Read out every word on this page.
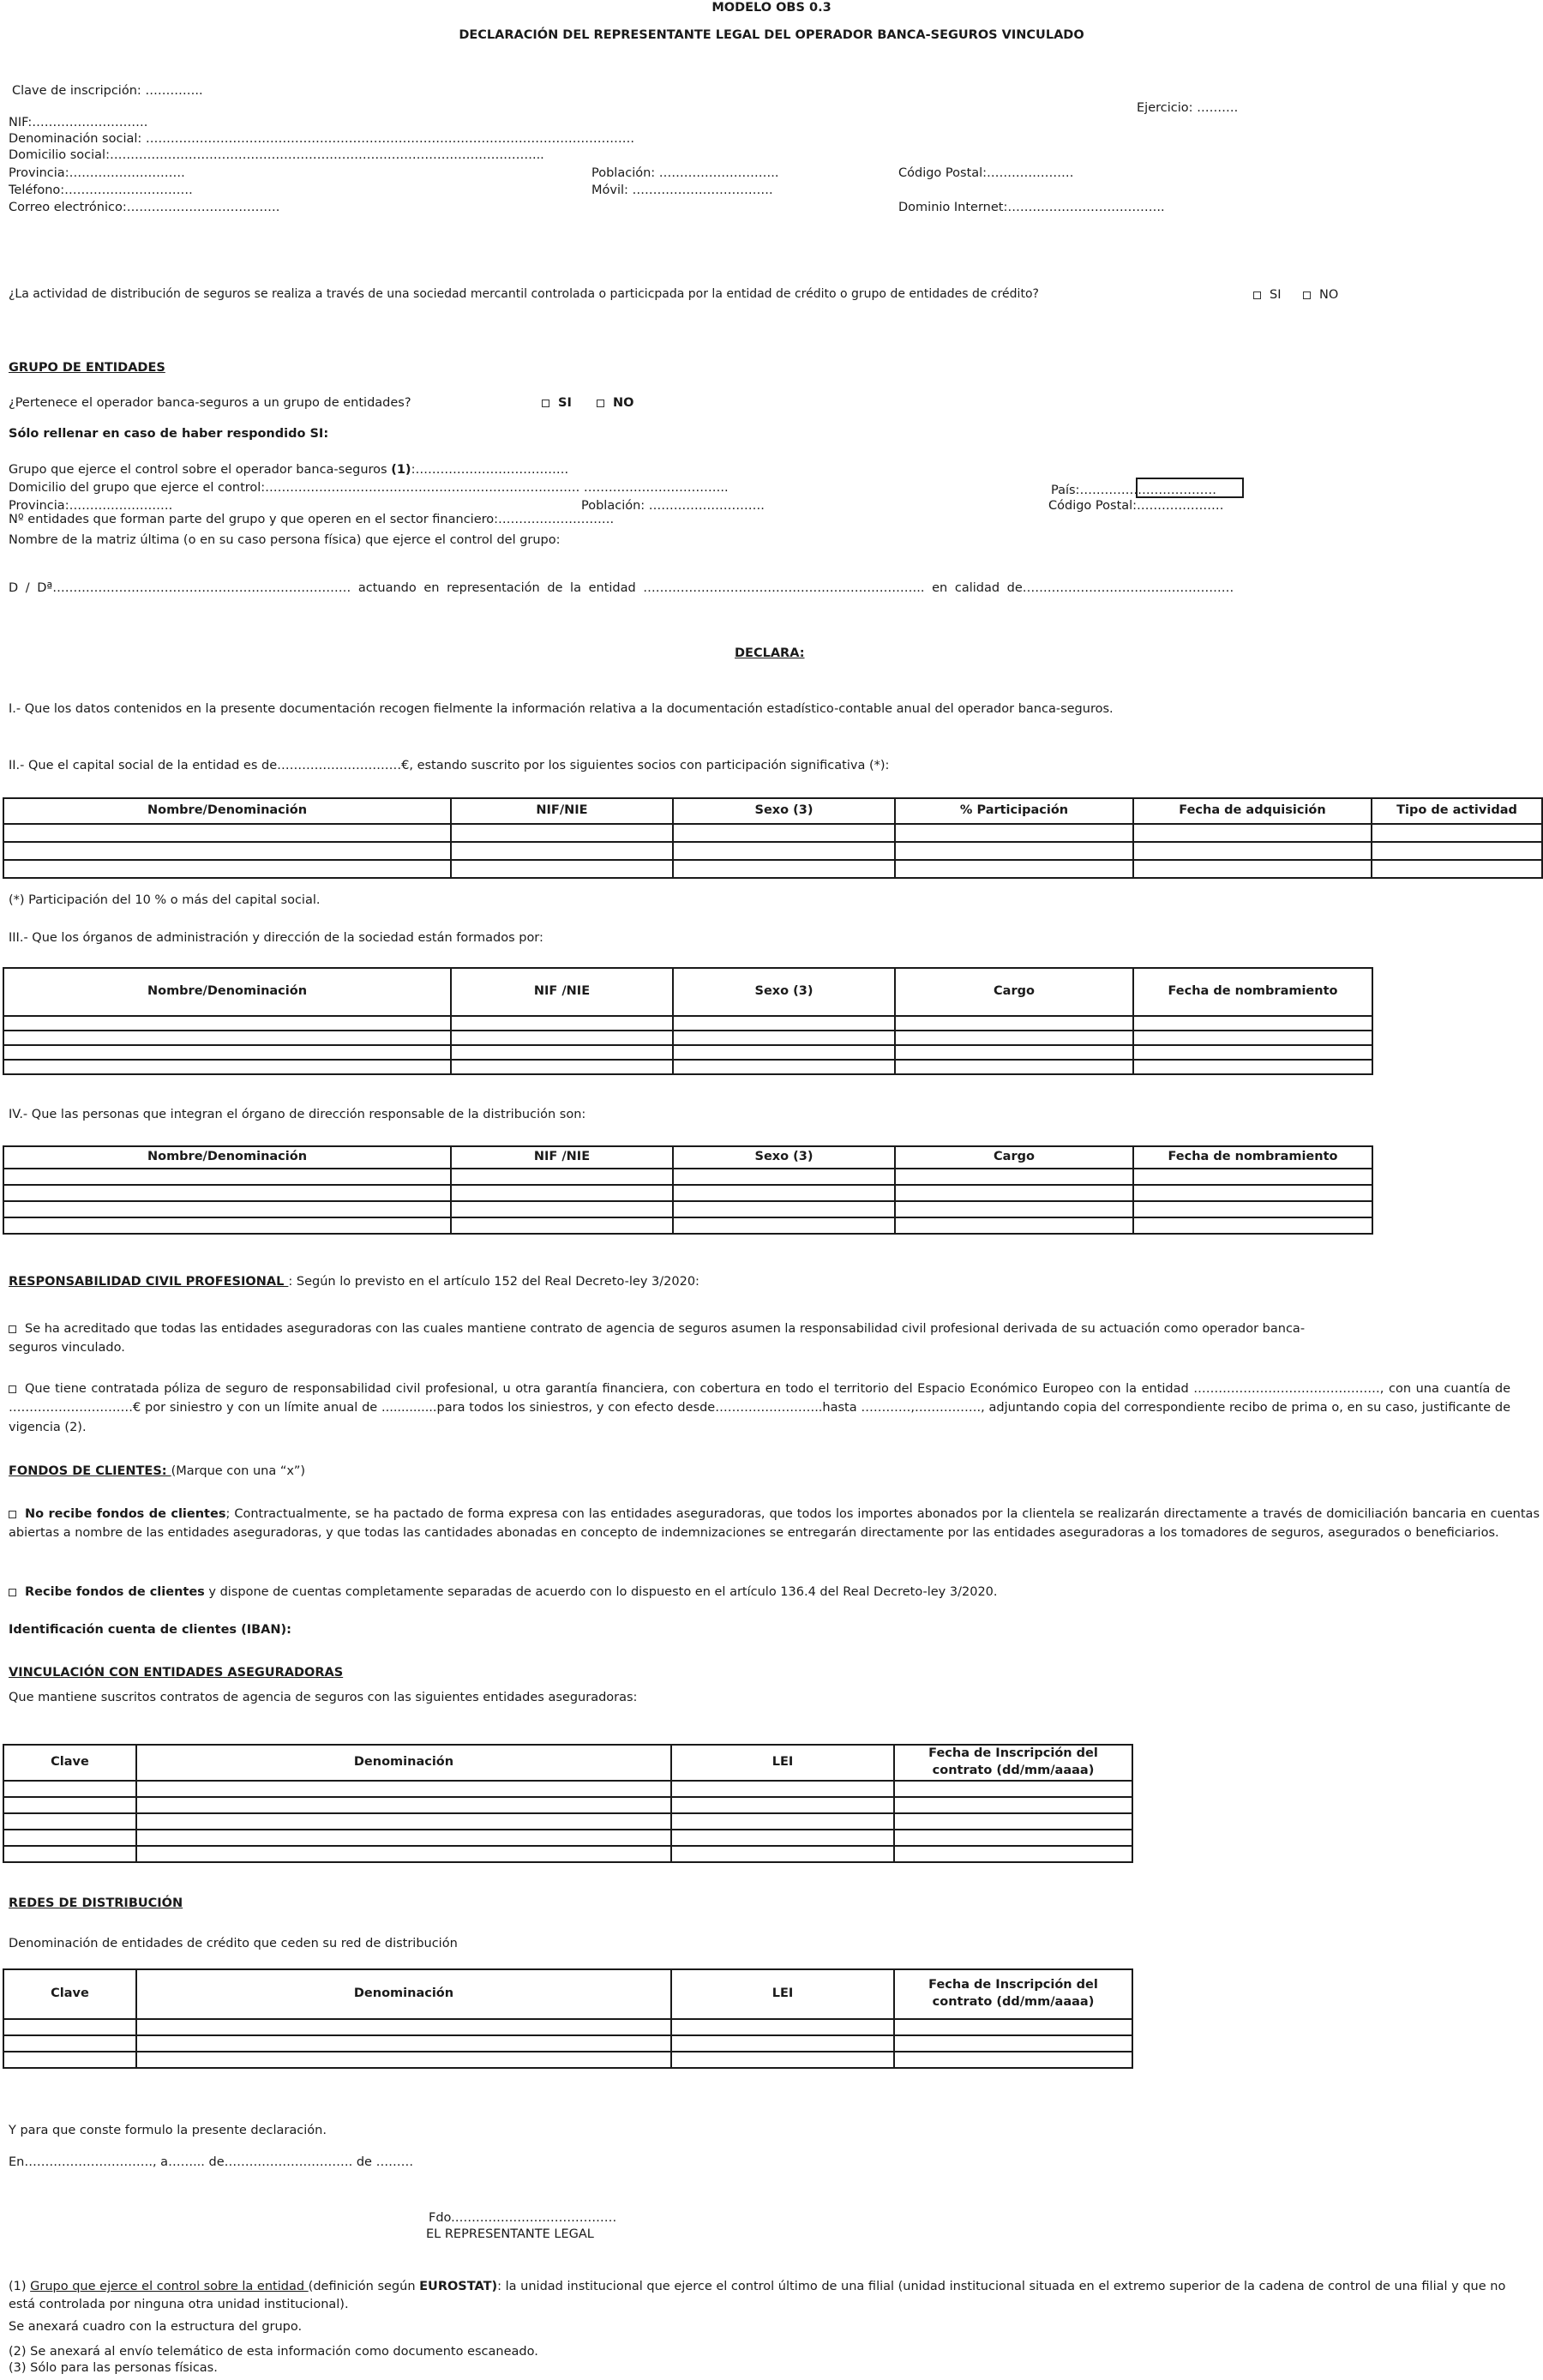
MODELO OBS 0.3
DECLARACIÓN DEL REPRESENTANTE LEGAL DEL OPERADOR BANCA-SEGUROS VINCULADO
Clave de inscripción: …………..
Ejercicio: ……….
NIF:……………………….
Denominación social: ……………………………………………………………………………………………………….
Domicilio social:…………………………………………………………………………………………...
Provincia:……………………….	Población: ………………………..	Código Postal:…………………
Teléfono:………………………….	Móvil: …………………………….
Correo electrónico:……………………………….	Dominio Internet:………………………………..
¿La actividad de distribución de seguros se realiza a través de una sociedad mercantil controlada o particicpada por la entidad de crédito o grupo de entidades de crédito?	SI	NO
GRUPO DE ENTIDADES
¿Pertenece el operador banca-seguros a un grupo de entidades?	SI	NO
Sólo rellenar en caso de haber respondido SI:
Grupo que ejerce el control sobre el operador banca-seguros (1):……………………………….
Domicilio del grupo que ejerce el control:…………………………………………………………………. ……………………………..	País:……………………………
Provincia:…………………….	Población: ……………………….	Código Postal:…………………
Nº entidades que forman parte del grupo y que operen en el sector financiero:……………………….
Nombre de la matriz última (o en su caso persona física) que ejerce el control del grupo:
D / Dª……………………………………………………………… actuando en representación de la entidad ………………………………………………………….. en calidad de……………………………………………
DECLARA:
I.- Que los datos contenidos en la presente documentación recogen fielmente la información relativa a la documentación estadístico-contable anual del operador banca-seguros.
II.- Que el capital social de la entidad es de…………………………€, estando suscrito por los siguientes socios con participación significativa (*):
Nombre/Denominación	NIF/NIE	Sexo (3)	% Participación	Fecha de adquisición	Tipo de actividad

(*) Participación del 10 % o más del capital social.
III.- Que los órganos de administración y dirección de la sociedad están formados por:
Nombre/Denominación	NIF /NIE	Sexo (3)	Cargo	Fecha de nombramiento

IV.- Que las personas que integran el órgano de dirección responsable de la distribución son:
Nombre/Denominación	NIF /NIE	Sexo (3)	Cargo	Fecha de nombramiento

RESPONSABILIDAD CIVIL PROFESIONAL : Según lo previsto en el artículo 152 del Real Decreto-ley 3/2020:
Se ha acreditado que todas las entidades aseguradoras con las cuales mantiene contrato de agencia de seguros asumen la responsabilidad civil profesional derivada de su actuación como operador banca-seguros vinculado.
Que tiene contratada póliza de seguro de responsabilidad civil profesional, u otra garantía financiera, con cobertura en todo el territorio del Espacio Económico Europeo con la entidad ………………………………………, con una cuantía de …………………………€ por siniestro y con un límite anual de ..............para todos los siniestros, y con efecto desde……………………..hasta …………,……………., adjuntando copia del correspondiente recibo de prima o, en su caso, justificante de vigencia (2).
FONDOS DE CLIENTES: (Marque con una “x”)
No recibe fondos de clientes; Contractualmente, se ha pactado de forma expresa con las entidades aseguradoras, que todos los importes abonados por la clientela se realizarán directamente a través de domiciliación bancaria en cuentas abiertas a nombre de las entidades aseguradoras, y que todas las cantidades abonadas en concepto de indemnizaciones se entregarán directamente por las entidades aseguradoras a los tomadores de seguros, asegurados o beneficiarios.
Recibe fondos de clientes y dispone de cuentas completamente separadas de acuerdo con lo dispuesto en el artículo 136.4 del Real Decreto-ley 3/2020.
Identificación cuenta de clientes (IBAN):
VINCULACIÓN CON ENTIDADES ASEGURADORAS
Que mantiene suscritos contratos de agencia de seguros con las siguientes entidades aseguradoras:
Clave	Denominación	LEI	Fecha de Inscripción del contrato (dd/mm/aaaa)

REDES DE DISTRIBUCIÓN
Denominación de entidades de crédito que ceden su red de distribución
Clave	Denominación	LEI	Fecha de Inscripción del contrato (dd/mm/aaaa)

Y para que conste formulo la presente declaración.
En…………………………., a……... de…………………………. de ………
Fdo.…………………………………
EL REPRESENTANTE LEGAL
(1) Grupo que ejerce el control sobre la entidad (definición según EUROSTAT): la unidad institucional que ejerce el control último de una filial (unidad institucional situada en el extremo superior de la cadena de control de una filial y que no está controlada por ninguna otra unidad institucional).
Se anexará cuadro con la estructura del grupo.
(2) Se anexará al envío telemático de esta información como documento escaneado.
(3) Sólo para las personas físicas.
